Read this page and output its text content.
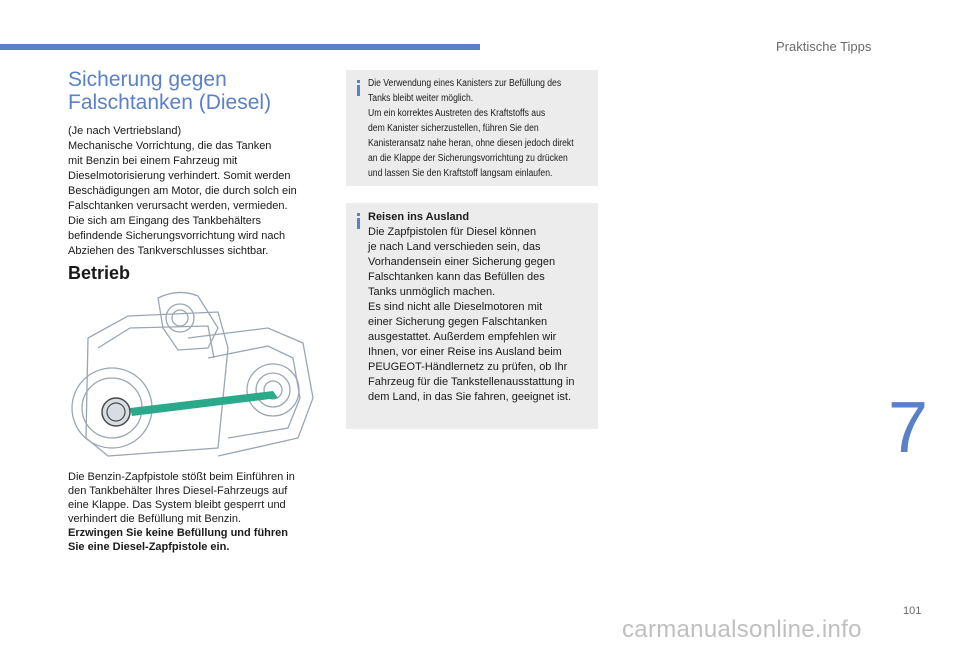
Praktische Tipps
Sicherung gegen
Falschtanken (Diesel)

(Je nach Vertriebsland)
Mechanische Vorrichtung, die das Tanken
mit Benzin bei einem Fahrzeug mit
Dieselmotorisierung verhindert. Somit werden
Beschädigungen am Motor, die durch solch ein
Falschtanken verursacht werden, vermieden.
Die sich am Eingang des Tankbehälters
befindende Sicherungsvorrichtung wird nach
Abziehen des Tankverschlusses sichtbar.

Betrieb

Die Benzin-Zapfpistole stößt beim Einführen in
den Tankbehälter Ihres Diesel-Fahrzeugs auf
eine Klappe. Das System bleibt gesperrt und
verhindert die Befüllung mit Benzin.
Erzwingen Sie keine Befüllung und führen
Sie eine Diesel-Zapfpistole ein.

Die Verwendung eines Kanisters zur Befüllung des
Tanks bleibt weiter möglich.
Um ein korrektes Austreten des Kraftstoffs aus
dem Kanister sicherzustellen, führen Sie den
Kanisteransatz nahe heran, ohne diesen jedoch direkt
an die Klappe der Sicherungsvorrichtung zu drücken
und lassen Sie den Kraftstoff langsam einlaufen.
Reisen ins Ausland
Die Zapfpistolen für Diesel können
je nach Land verschieden sein, das
Vorhandensein einer Sicherung gegen
Falschtanken kann das Befüllen des
Tanks unmöglich machen.
Es sind nicht alle Dieselmotoren mit
einer Sicherung gegen Falschtanken
ausgestattet. Außerdem empfehlen wir
Ihnen, vor einer Reise ins Ausland beim
PEUGEOT-Händlernetz zu prüfen, ob Ihr
Fahrzeug für die Tankstellenausstattung in
dem Land, in das Sie fahren, geeignet ist.	7
101
carmanualsonline.info
